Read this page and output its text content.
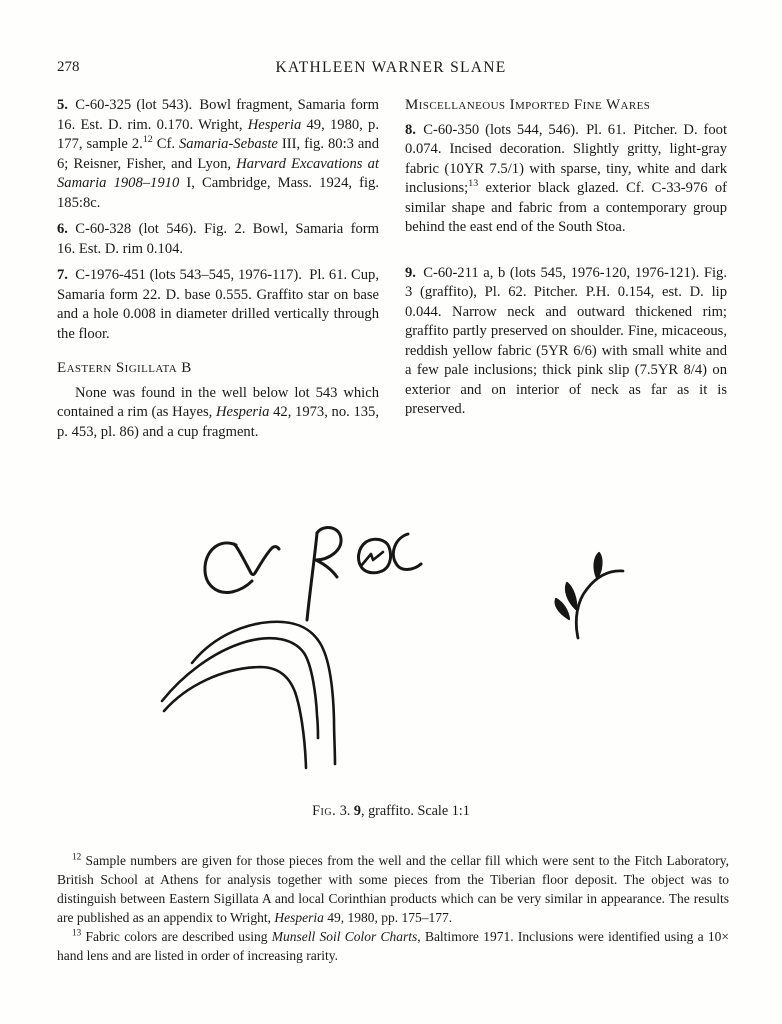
278	KATHLEEN WARNER SLANE

5. C-60-325 (lot 543). Bowl fragment, Samaria form 16. Est. D. rim. 0.170. Wright, Hesperia 49, 1980, p. 177, sample 2.12 Cf. Samaria-Sebaste III, fig. 80:3 and 6; Reisner, Fisher, and Lyon, Harvard Excavations at Samaria 1908–1910 I, Cambridge, Mass. 1924, fig. 185:8c.

6. C-60-328 (lot 546). Fig. 2. Bowl, Samaria form 16. Est. D. rim 0.104.

7. C-1976-451 (lots 543–545, 1976-117). Pl. 61. Cup, Samaria form 22. D. base 0.555. Graffito star on base and a hole 0.008 in diameter drilled vertically through the floor.

Eastern Sigillata B

None was found in the well below lot 543 which contained a rim (as Hayes, Hesperia 42, 1973, no. 135, p. 453, pl. 86) and a cup fragment.

Miscellaneous Imported Fine Wares

8. C-60-350 (lots 544, 546). Pl. 61. Pitcher. D. foot 0.074. Incised decoration. Slightly gritty, light-gray fabric (10YR 7.5/1) with sparse, tiny, white and dark inclusions;$^{13}$ exterior black glazed. Cf. C-33-976 of similar shape and fabric from a contemporary group behind the east end of the South Stoa.

9. C-60-211 a, b (lots 545, 1976-120, 1976-121). Fig. 3 (graffito), Pl. 62. Pitcher. P.H. 0.154, est. D. lip 0.044. Narrow neck and outward thickened rim; graffito partly preserved on shoulder. Fine, micaceous, reddish yellow fabric (5YR 6/6) with small white and a few pale inclusions; thick pink slip (7.5YR 8/4) on exterior and on interior of neck as far as it is preserved.

Fig. 3. 9, graffito. Scale 1:1

$^{12}$ Sample numbers are given for those pieces from the well and the cellar fill which were sent to the Fitch Laboratory, British School at Athens for analysis together with some pieces from the Tiberian floor deposit. The object was to distinguish between Eastern Sigillata A and local Corinthian products which can be very similar in appearance. The results are published as an appendix to Wright, Hesperia 49, 1980, pp. 175–177.

$^{13}$ Fabric colors are described using Munsell Soil Color Charts, Baltimore 1971. Inclusions were identified using a 10× hand lens and are listed in order of increasing rarity.
